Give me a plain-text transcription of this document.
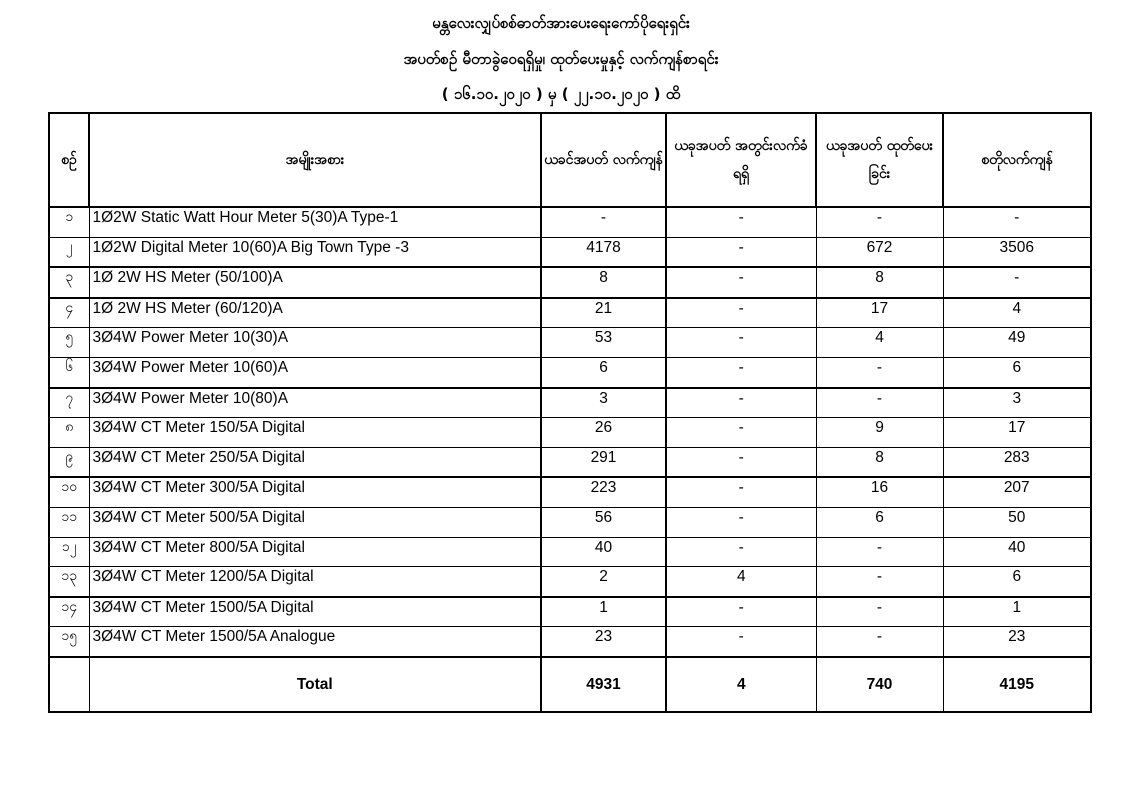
မန္တလေးလျှပ်စစ်ဓာတ်အားပေးရေးကော်ပိုရေးရှင်း
အပတ်စဉ် မီတာခွဲဝေရရှိမှု၊ ထုတ်ပေးမှုနှင့် လက်ကျန်စာရင်း
( ၁၆.၁၀.၂၀၂၀ ) မှ ( ၂၂.၁၀.၂၀၂၀ ) ထိ
စဉ်	အမျိုးအစား	ယခင်အပတ် လက်ကျန်	ယခုအပတ် အတွင်းလက်ခံ ရရှိ	ယခုအပတ် ထုတ်ပေးခြင်း	စတိုလက်ကျန်
၁	1Ø2W Static Watt Hour Meter 5(30)A Type-1	-	-	-	-
၂	1Ø2W Digital Meter 10(60)A Big Town Type -3	4178	-	672	3506
၃	1Ø 2W HS Meter (50/100)A	8	-	8	-
၄	1Ø 2W HS Meter (60/120)A	21	-	17	4
၅	3Ø4W Power Meter 10(30)A	53	-	4	49
၆	3Ø4W Power Meter 10(60)A	6	-	-	6
၇	3Ø4W Power Meter 10(80)A	3	-	-	3
၈	3Ø4W CT Meter 150/5A Digital	26	-	9	17
၉	3Ø4W CT Meter 250/5A Digital	291	-	8	283
၁၀	3Ø4W CT Meter 300/5A Digital	223	-	16	207
၁၁	3Ø4W CT Meter 500/5A Digital	56	-	6	50
၁၂	3Ø4W CT Meter 800/5A Digital	40	-	-	40
၁၃	3Ø4W CT Meter 1200/5A Digital	2	4	-	6
၁၄	3Ø4W CT Meter 1500/5A Digital	1	-	-	1
၁၅	3Ø4W CT Meter 1500/5A Analogue	23	-	-	23
	Total	4931	4	740	4195
